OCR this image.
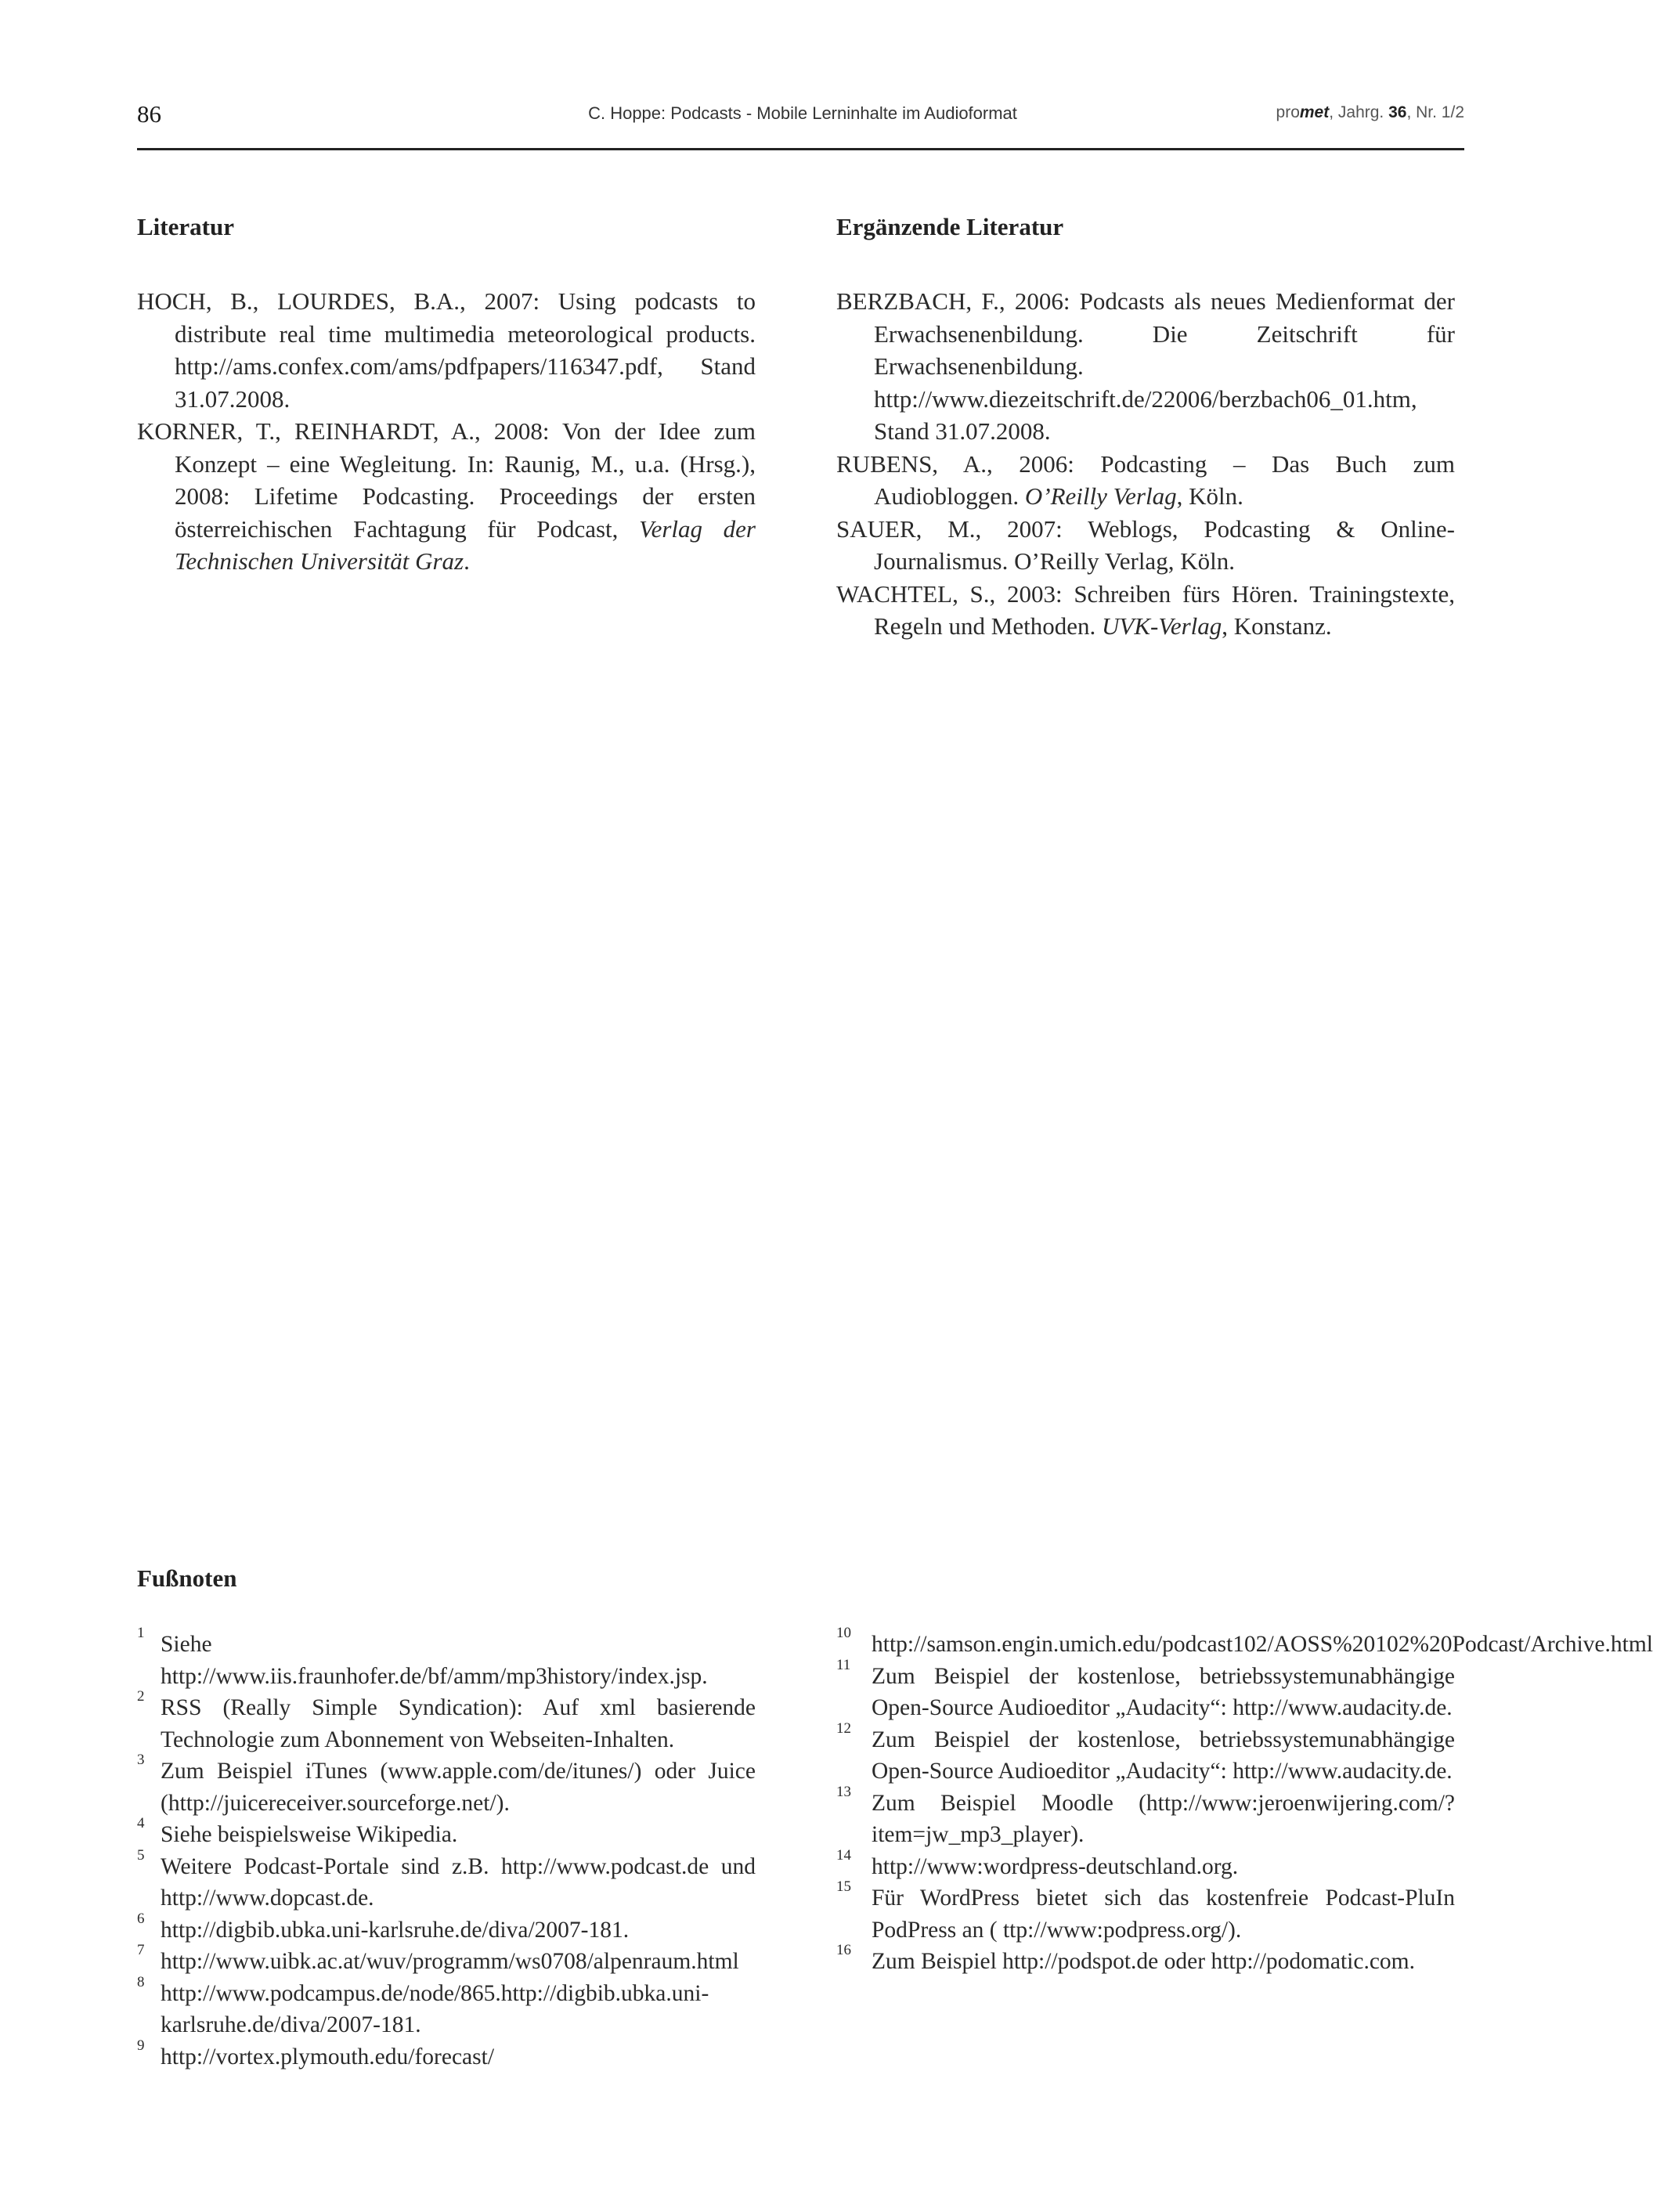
86	C. Hoppe: Podcasts - Mobile Lerninhalte im Audioformat	promet, Jahrg. 36, Nr. 1/2
Literatur

HOCH, B., LOURDES, B.A., 2007: Using podcasts to distribute real time multimedia meteorological products. http://ams.confex.com/ams/pdfpapers/116347.pdf, Stand 31.07.2008.

KORNER, T., REINHARDT, A., 2008: Von der Idee zum Konzept – eine Wegleitung. In: Raunig, M., u.a. (Hrsg.), 2008: Lifetime Podcasting. Proceedings der ersten österreichischen Fachtagung für Podcast, Verlag der Technischen Universität Graz.

Ergänzende Literatur

BERZBACH, F., 2006: Podcasts als neues Medienformat der Erwachsenenbildung. Die Zeitschrift für Erwachsenenbildung. http://www.diezeitschrift.de/22006/berzbach06_01.htm, Stand 31.07.2008.

RUBENS, A., 2006: Podcasting – Das Buch zum Audiobloggen. O’Reilly Verlag, Köln.

SAUER, M., 2007: Weblogs, Podcasting & Online-Journalismus. O’Reilly Verlag, Köln.

WACHTEL, S., 2003: Schreiben fürs Hören. Trainingstexte, Regeln und Methoden. UVK-Verlag, Konstanz.

Fußnoten

1 Siehe http://www.iis.fraunhofer.de/bf/amm/mp3history/index.jsp.

2 RSS (Really Simple Syndication): Auf xml basierende Technologie zum Abonnement von Webseiten-Inhalten.

3 Zum Beispiel iTunes (www.apple.com/de/itunes/) oder Juice (http://juicereceiver.sourceforge.net/).

4 Siehe beispielsweise Wikipedia.

5 Weitere Podcast-Portale sind z.B. http://www.podcast.de und http://www.dopcast.de.

6 http://digbib.ubka.uni-karlsruhe.de/diva/2007-181.

7 http://www.uibk.ac.at/wuv/programm/ws0708/alpenraum.html

8 http://www.podcampus.de/node/865.http://digbib.ubka.uni-karlsruhe.de/diva/2007-181.

9 http://vortex.plymouth.edu/forecast/

10 http://samson.engin.umich.edu/podcast102/AOSS%20102%20Podcast/Archive.html

11 Zum Beispiel der kostenlose, betriebssystemunabhängige Open-Source Audioeditor „Audacity“: http://www.audacity.de.

12 Zum Beispiel der kostenlose, betriebssystemunabhängige Open-Source Audioeditor „Audacity“: http://www.audacity.de.

13 Zum Beispiel Moodle (http://www:jeroenwijering.com/?item=jw_mp3_player).

14 http://www:wordpress-deutschland.org.

15 Für WordPress bietet sich das kostenfreie Podcast-PluIn PodPress an ( ttp://www:podpress.org/).

16 Zum Beispiel http://podspot.de oder http://podomatic.com.
